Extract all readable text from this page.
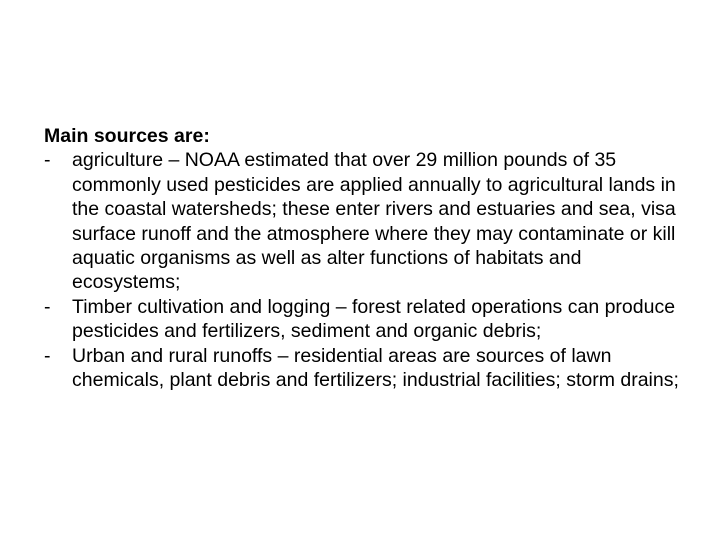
Main sources are:

-	agriculture – NOAA estimated that over 29 million pounds of 35 commonly used pesticides are applied annually to agricultural lands in the coastal watersheds; these enter rivers and estuaries and sea, visa surface runoff and the atmosphere where they may contaminate or kill aquatic organisms as well as alter functions of habitats and ecosystems;
-	Timber cultivation and logging – forest related operations can produce pesticides and fertilizers, sediment and organic debris;
-	Urban and rural runoffs – residential areas are sources of lawn chemicals, plant debris and fertilizers; industrial facilities; storm drains;
